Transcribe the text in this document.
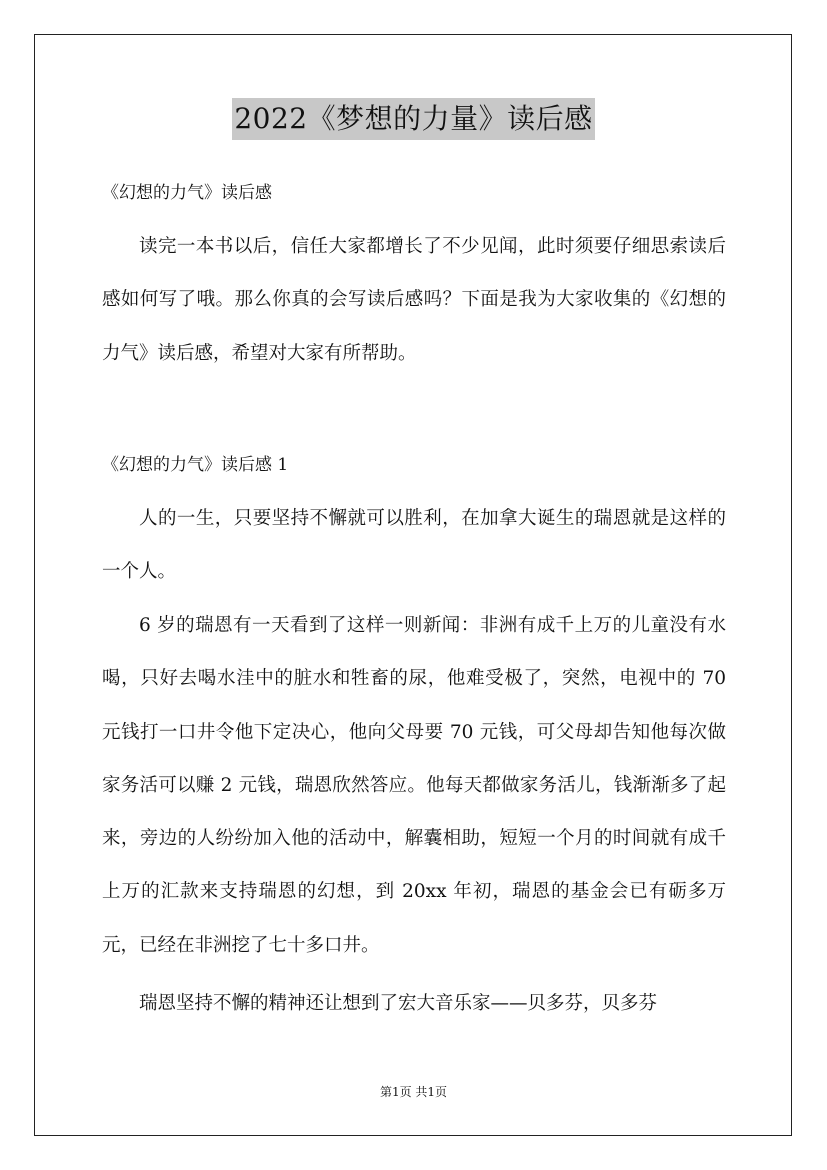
2022《梦想的力量》读后感
《幻想的力气》读后感

读完一本书以后，信任大家都增长了不少见闻，此时须要仔细思索读后感如何写了哦。那么你真的会写读后感吗？下面是我为大家收集的《幻想的力气》读后感，希望对大家有所帮助。

《幻想的力气》读后感 1

人的一生，只要坚持不懈就可以胜利，在加拿大诞生的瑞恩就是这样的一个人。

6 岁的瑞恩有一天看到了这样一则新闻：非洲有成千上万的儿童没有水喝，只好去喝水洼中的脏水和牲畜的尿，他难受极了，突然，电视中的 70 元钱打一口井令他下定决心，他向父母要 70 元钱，可父母却告知他每次做家务活可以赚 2 元钱，瑞恩欣然答应。他每天都做家务活儿，钱渐渐多了起来，旁边的人纷纷加入他的活动中，解囊相助，短短一个月的时间就有成千上万的汇款来支持瑞恩的幻想，到 20xx 年初，瑞恩的基金会已有砺多万元，已经在非洲挖了七十多口井。

瑞恩坚持不懈的精神还让想到了宏大音乐家——贝多芬，贝多芬

第1页 共1页
